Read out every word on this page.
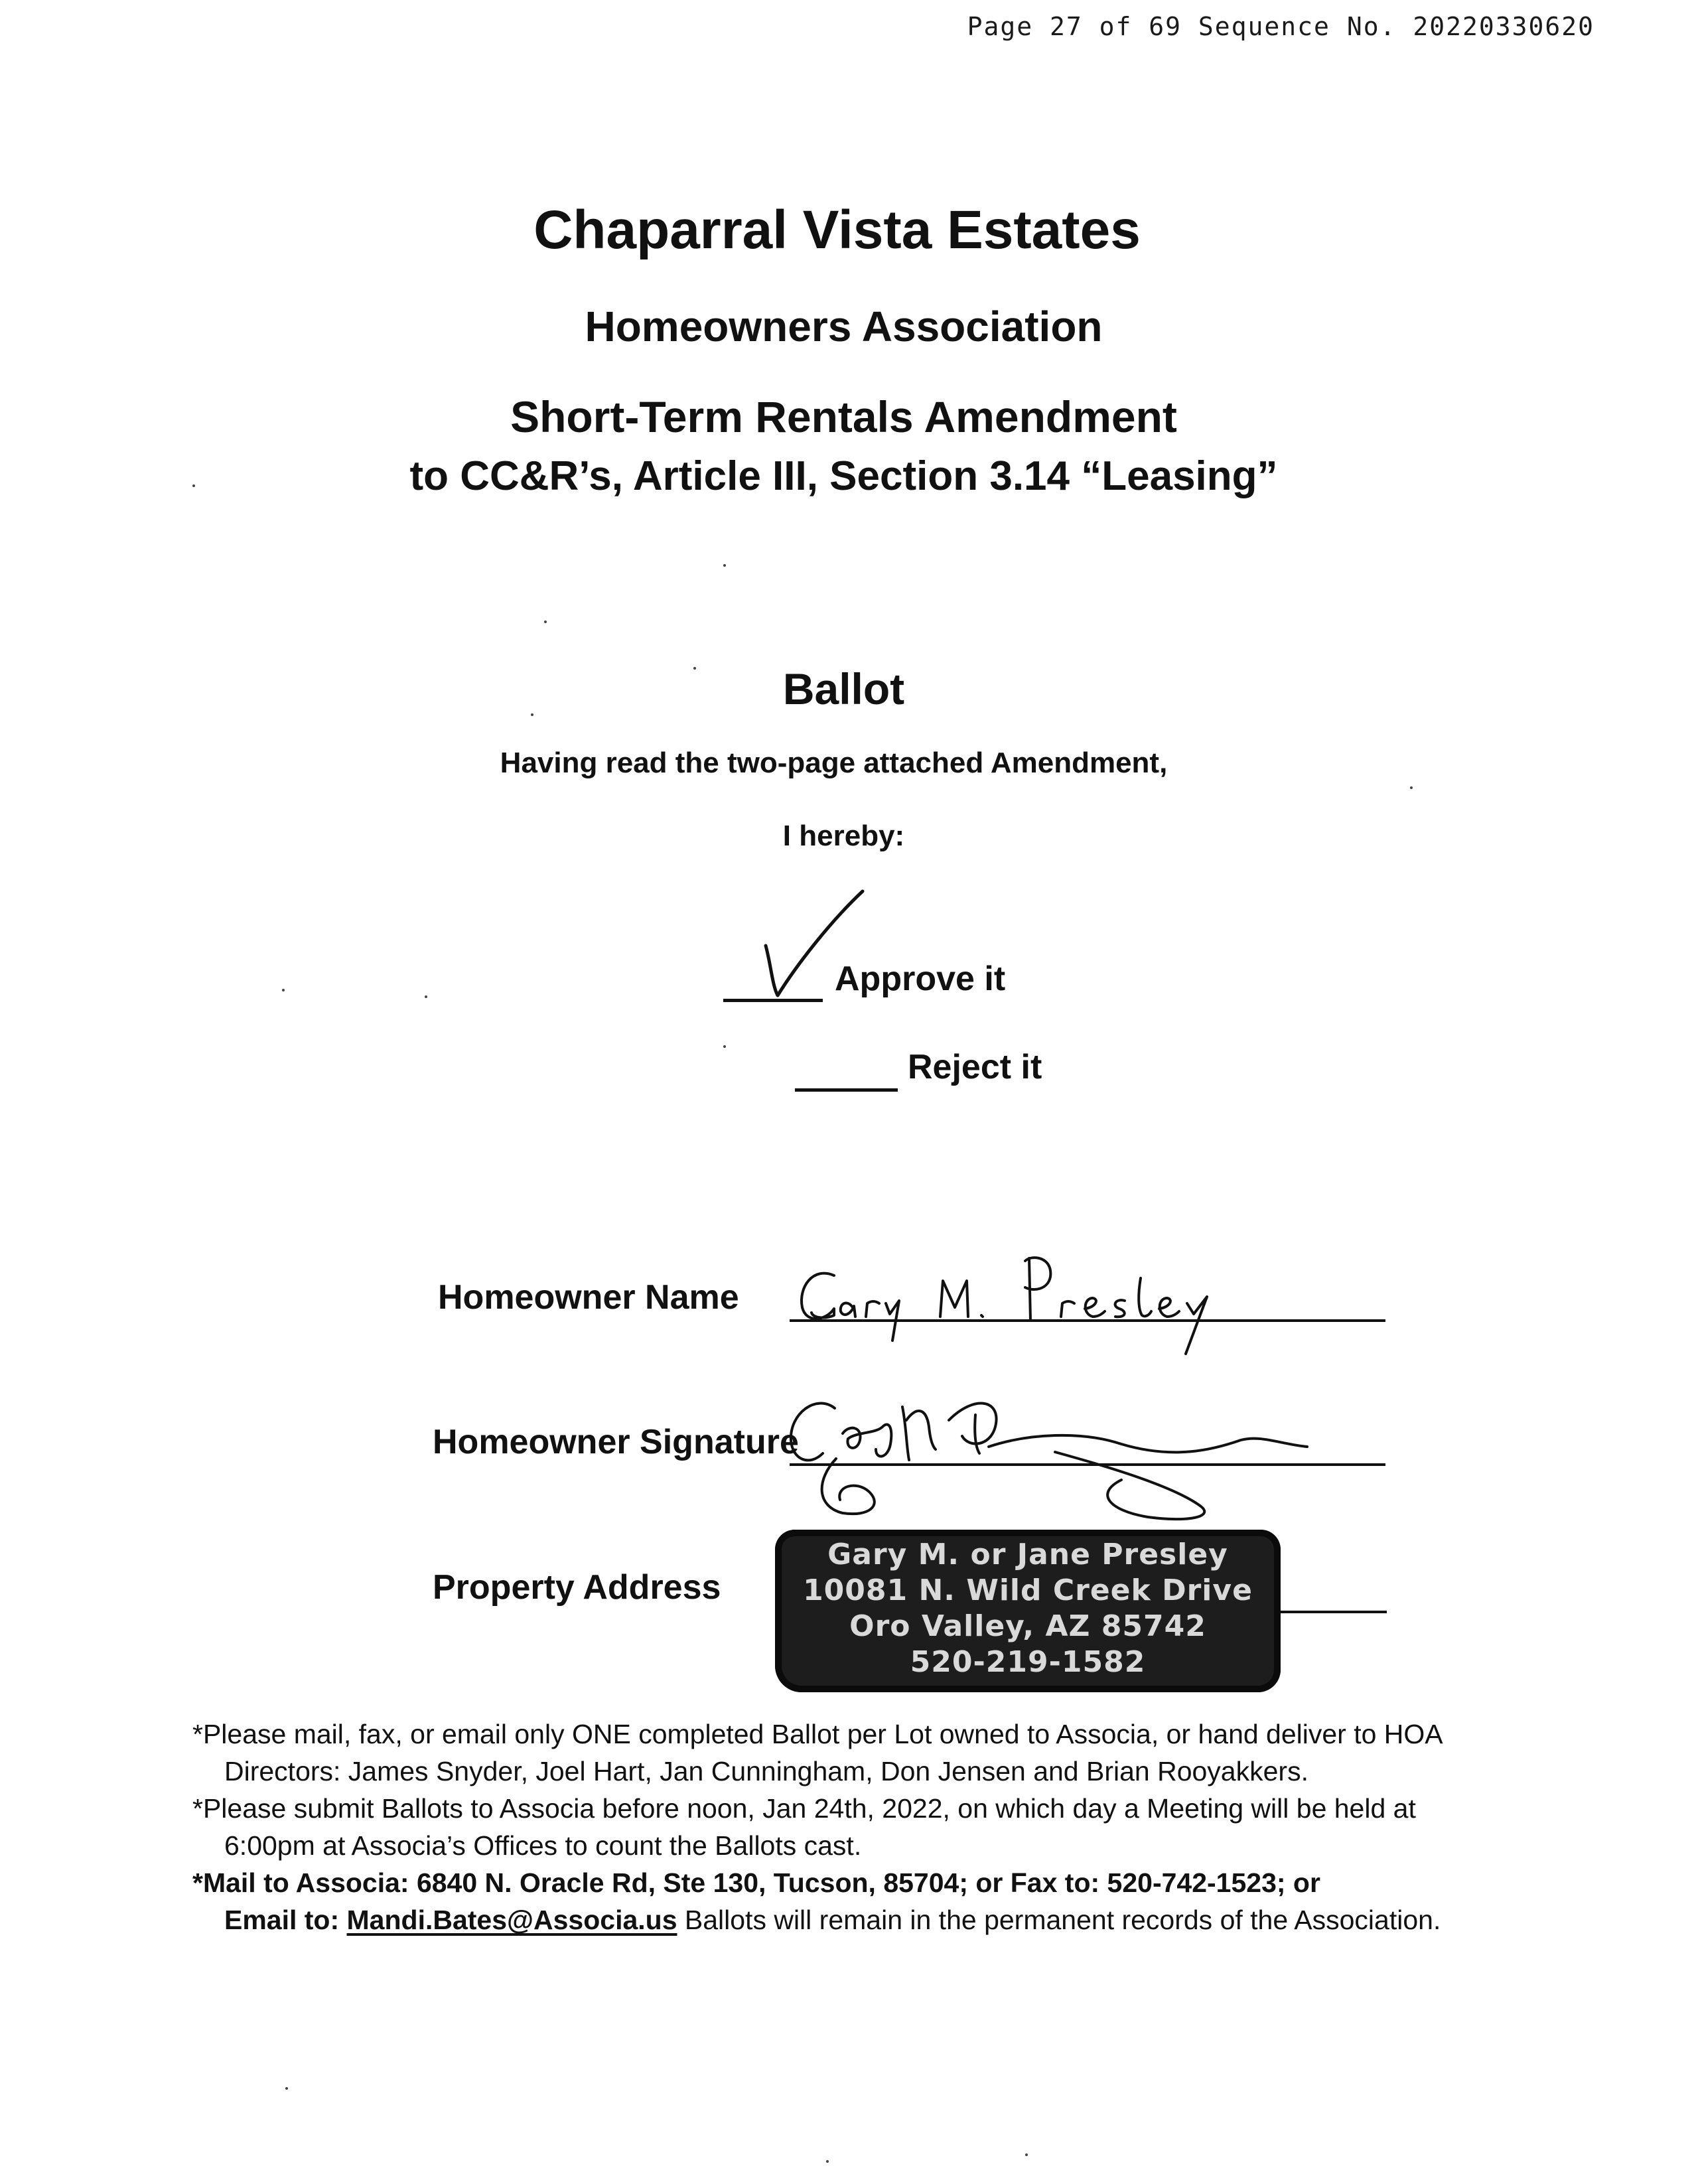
Page 27 of 69 Sequence No. 20220330620
Chaparral Vista Estates
Homeowners Association
Short-Term Rentals Amendment
to CC&R’s, Article III, Section 3.14 “Leasing”
Ballot
Having read the two-page attached Amendment,
I hereby:
Approve it
Reject it
Homeowner Name
Homeowner Signature
Property Address
Gary M. or Jane Presley
10081 N. Wild Creek Drive
Oro Valley, AZ 85742
520-219-1582

*Please mail, fax, or email only ONE completed Ballot per Lot owned to Associa, or hand deliver to HOA
Directors: James Snyder, Joel Hart, Jan Cunningham, Don Jensen and Brian Rooyakkers.

*Please submit Ballots to Associa before noon, Jan 24th, 2022, on which day a Meeting will be held at
6:00pm at Associa’s Offices to count the Ballots cast.

*Mail to Associa: 6840 N. Oracle Rd, Ste 130, Tucson, 85704; or Fax to: 520-742-1523; or
Email to: Mandi.Bates@Associa.us Ballots will remain in the permanent records of the Association.
